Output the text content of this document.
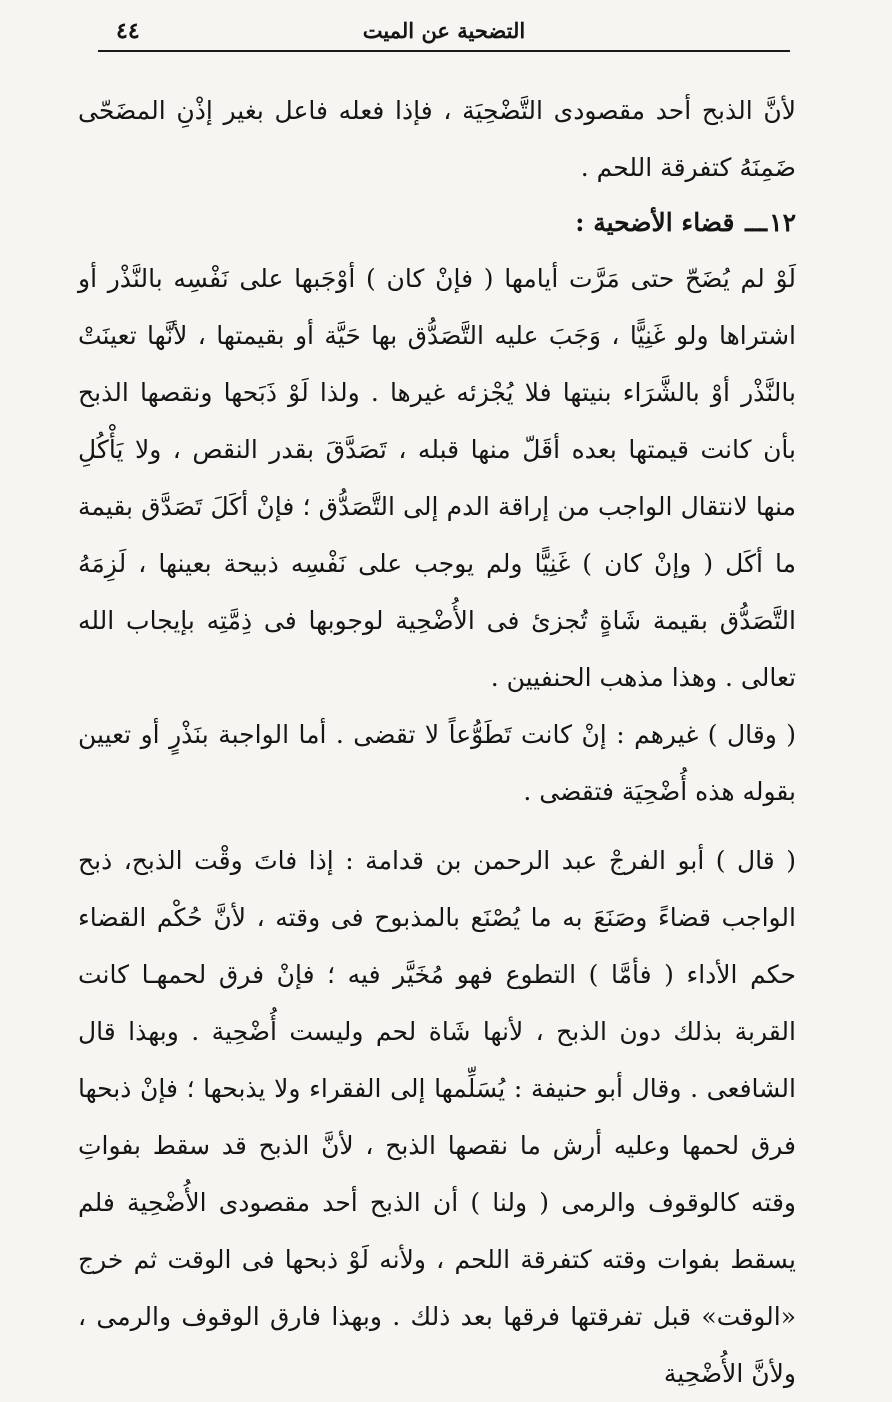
٤٤	التضحية عن الميت

لأنَّ الذبح أحد مقصودى التَّضْحِيَة ، فإذا فعله فاعل بغير إذْنِ المضَحّى ضَمِنَهُ كتفرقة اللحم .

١٢ـــ قضاء الأضحية :

لَوْ لم يُضَحّ حتى مَرَّت أيامها ( فإنْ كان ) أوْجَبها على نَفْسِه بالنَّذْر أو اشتراها ولو غَنِيًّا ، وَجَبَ عليه التَّصَدُّق بها حَيَّة أو بقيمتها ، لأنَّها تعينَتْ بالنَّذْر أوْ بالشَّرَاء بنيتها فلا يُجْزئه غيرها . ولذا لَوْ ذَبَحها ونقصها الذبح بأن كانت قيمتها بعده أقَلّ منها قبله ، تَصَدَّقَ بقدر النقص ، ولا يَأْكُلِ منها لانتقال الواجب من إراقة الدم إلى التَّصَدُّق ؛ فإنْ أكَلَ تَصَدَّق بقيمة ما أكَل ( وإنْ كان ) غَنِيًّا ولم يوجب على نَفْسِه ذبيحة بعينها ، لَزِمَهُ التَّصَدُّق بقيمة شَاةٍ تُجزئ فى الأُضْحِية لوجوبها فى ذِمَّتِه بإيجاب الله تعالى . وهذا مذهب الحنفيين .

( وقال ) غيرهم : إنْ كانت تَطَوُّعاً لا تقضى . أما الواجبة بنَذْرٍ أو تعيين بقوله هذه أُضْحِيَة فتقضى .

( قال ) أبو الفرجْ عبد الرحمن بن قدامة : إذا فاتَ وقْت الذبح، ذبح الواجب قضاءً وصَنَعَ به ما يُصْنَع بالمذبوح فى وقته ، لأنَّ حُكْم القضاء حكم الأداء ( فأمَّا ) التطوع فهو مُخَيَّر فيه ؛ فإنْ فرق لحمهـا كانت القربة بذلك دون الذبح ، لأنها شَاة لحم وليست أُضْحِية . وبهذا قال الشافعى . وقال أبو حنيفة : يُسَلِّمها إلى الفقراء ولا يذبحها ؛ فإنْ ذبحها فرق لحمها وعليه أرش ما نقصها الذبح ، لأنَّ الذبح قد سقط بفواتِ وقته كالوقوف والرمى ( ولنا ) أن الذبح أحد مقصودى الأُضْحِية فلم يسقط بفوات وقته كتفرقة اللحم ، ولأنه لَوْ ذبحها فى الوقت ثم خرج «الوقت» قبل تفرقتها فرقها بعد ذلك . وبهذا فارق الوقوف والرمى ، ولأنَّ الأُضْحِية
